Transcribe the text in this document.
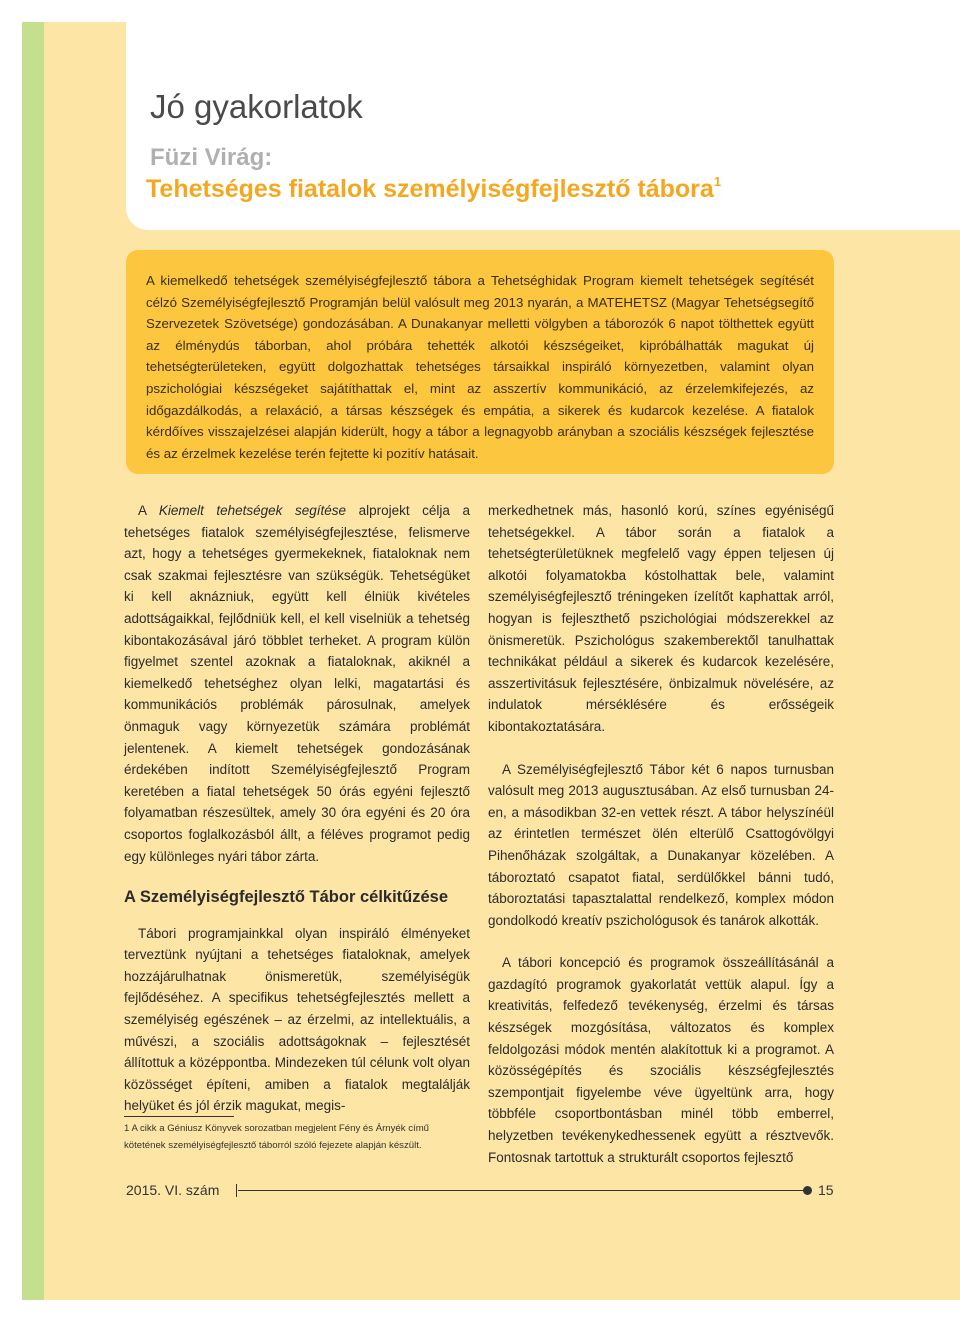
Jó gyakorlatok
Füzi Virág:
Tehetséges fiatalok személyiségfejlesztő tábora$^1$

A kiemelkedő tehetségek személyiségfejlesztő tábora a Tehetséghidak Program kiemelt tehetségek segítését célzó Személyiségfejlesztő Programján belül valósult meg 2013 nyarán, a MATEHETSZ (Magyar Tehetségsegítő Szervezetek Szövetsége) gondozásában. A Dunakanyar melletti völgyben a táborozók 6 napot tölthettek együtt az élménydús táborban, ahol próbára tehették alkotói készségeiket, kipróbálhatták magukat új tehetségterületeken, együtt dolgozhattak tehetséges társaikkal inspiráló környezetben, valamint olyan pszichológiai készségeket sajátíthattak el, mint az asszertív kommunikáció, az érzelemkifejezés, az időgazdálkodás, a relaxáció, a társas készségek és empátia, a sikerek és kudarcok kezelése. A fiatalok kérdőíves visszajelzései alapján kiderült, hogy a tábor a legnagyobb arányban a szociális készségek fejlesztése és az érzelmek kezelése terén fejtette ki pozitív hatásait.

A Kiemelt tehetségek segítése alprojekt célja a tehetséges fiatalok személyiségfejlesztése, felismerve azt, hogy a tehetséges gyermekeknek, fiataloknak nem csak szakmai fejlesztésre van szükségük. Tehetségüket ki kell aknázniuk, együtt kell élniük kivételes adottságaikkal, fejlődniük kell, el kell viselniük a tehetség kibontakozásával járó többlet terheket. A program külön figyelmet szentel azoknak a fiataloknak, akiknél a kiemelkedő tehetséghez olyan lelki, magatartási és kommunikációs problémák párosulnak, amelyek önmaguk vagy környezetük számára problémát jelentenek. A kiemelt tehetségek gondozásának érdekében indított Személyiségfejlesztő Program keretében a fiatal tehetségek 50 órás egyéni fejlesztő folyamatban részesültek, amely 30 óra egyéni és 20 óra csoportos foglalkozásból állt, a féléves programot pedig egy különleges nyári tábor zárta.

A Személyiségfejlesztő Tábor célkitűzése

Tábori programjainkkal olyan inspiráló élményeket terveztünk nyújtani a tehetséges fiataloknak, amelyek hozzájárulhatnak önismeretük, személyiségük fejlődéséhez. A specifikus tehetségfejlesztés mellett a személyiség egészének – az érzelmi, az intellektuális, a művészi, a szociális adottságoknak – fejlesztését állítottuk a középpontba. Mindezeken túl célunk volt olyan közösséget építeni, amiben a fiatalok megtalálják helyüket és jól érzik magukat, megis-

merkedhetnek más, hasonló korú, színes egyéniségű tehetségekkel. A tábor során a fiatalok a tehetségterületüknek megfelelő vagy éppen teljesen új alkotói folyamatokba kóstolhattak bele, valamint személyiségfejlesztő tréningeken ízelítőt kaphattak arról, hogyan is fejleszthető pszichológiai módszerekkel az önismeretük. Pszichológus szakemberektől tanulhattak technikákat például a sikerek és kudarcok kezelésére, asszertivitásuk fejlesztésére, önbizalmuk növelésére, az indulatok mérséklésére és erősségeik kibontakoztatására.

A Személyiségfejlesztő Tábor két 6 napos turnusban valósult meg 2013 augusztusában. Az első turnusban 24-en, a másodikban 32-en vettek részt. A tábor helyszínéül az érintetlen természet ölén elterülő Csattogóvölgyi Pihenőházak szolgáltak, a Dunakanyar közelében. A táboroztató csapatot fiatal, serdülőkkel bánni tudó, táboroztatási tapasztalattal rendelkező, komplex módon gondolkodó kreatív pszichológusok és tanárok alkották.

A tábori koncepció és programok összeállításánál a gazdagító programok gyakorlatát vettük alapul. Így a kreativitás, felfedező tevékenység, érzelmi és társas készségek mozgósítása, változatos és komplex feldolgozási módok mentén alakítottuk ki a programot. A közösségépítés és szociális készségfejlesztés szempontjait figyelembe véve ügyeltünk arra, hogy többféle csoportbontásban minél több emberrel, helyzetben tevékenykedhessenek együtt a résztvevők. Fontosnak tartottuk a strukturált csoportos fejlesztő

1 A cikk a Géniusz Könyvek sorozatban megjelent Fény és Árnyék című kötetének személyiségfejlesztő táborról szóló fejezete alapján készült.
2015. VI. szám	15
